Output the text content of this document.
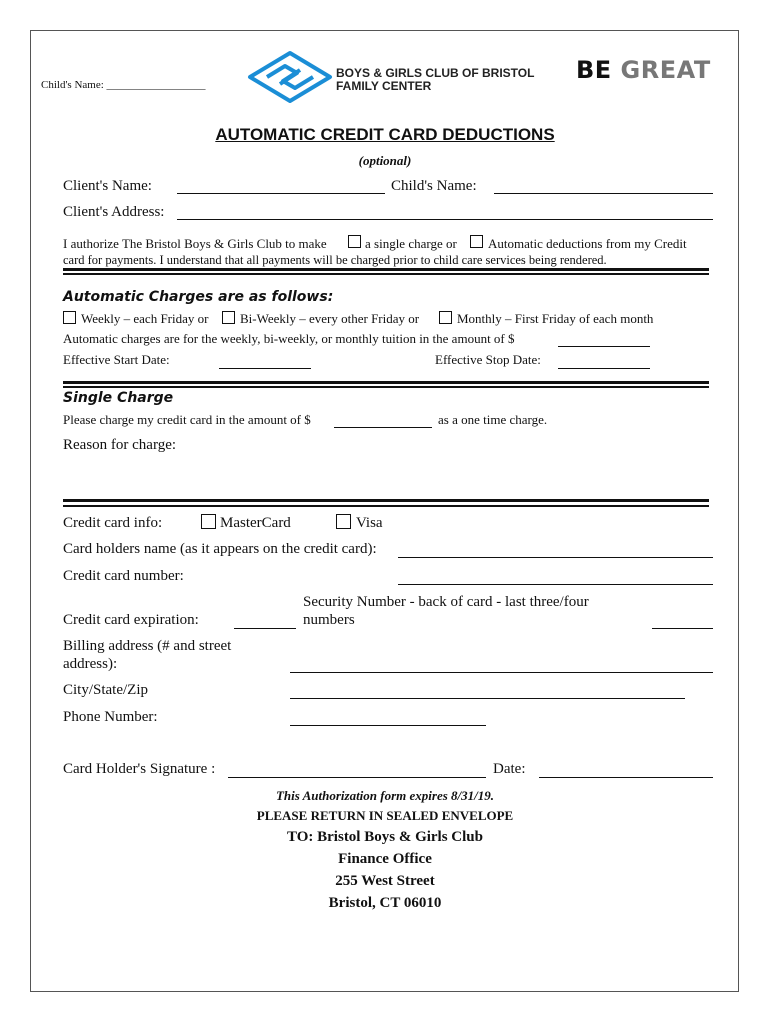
Child's Name: __________________
BOYS & GIRLS CLUB OF BRISTOL
FAMILY CENTER
BE GREAT
AUTOMATIC CREDIT CARD DEDUCTIONS
(optional)
Client's Name:	Child's Name:
Client's Address:
I authorize The Bristol Boys & Girls Club to make	a single charge or Automatic deductions from my Credit
card for payments. I understand that all payments will be charged prior to child care services being rendered.
Automatic Charges are as follows:
Weekly – each Friday or Bi-Weekly – every other Friday or	Monthly – First Friday of each month
Automatic charges are for the weekly, bi-weekly, or monthly tuition in the amount of $
Effective Start Date:	Effective Stop Date:
Single Charge
Please charge my credit card in the amount of $	as a one time charge.
Reason for charge:
Credit card info:	MasterCard	Visa
Card holders name (as it appears on the credit card):
Credit card number:
Security Number - back of card - last three/four
numbers
Credit card expiration:
Billing address (# and street
address):
City/State/Zip
Phone Number:
Card Holder's Signature :	Date:
This Authorization form expires 8/31/19.
PLEASE RETURN IN SEALED ENVELOPE
TO: Bristol Boys & Girls Club
Finance Office
255 West Street
Bristol, CT 06010
